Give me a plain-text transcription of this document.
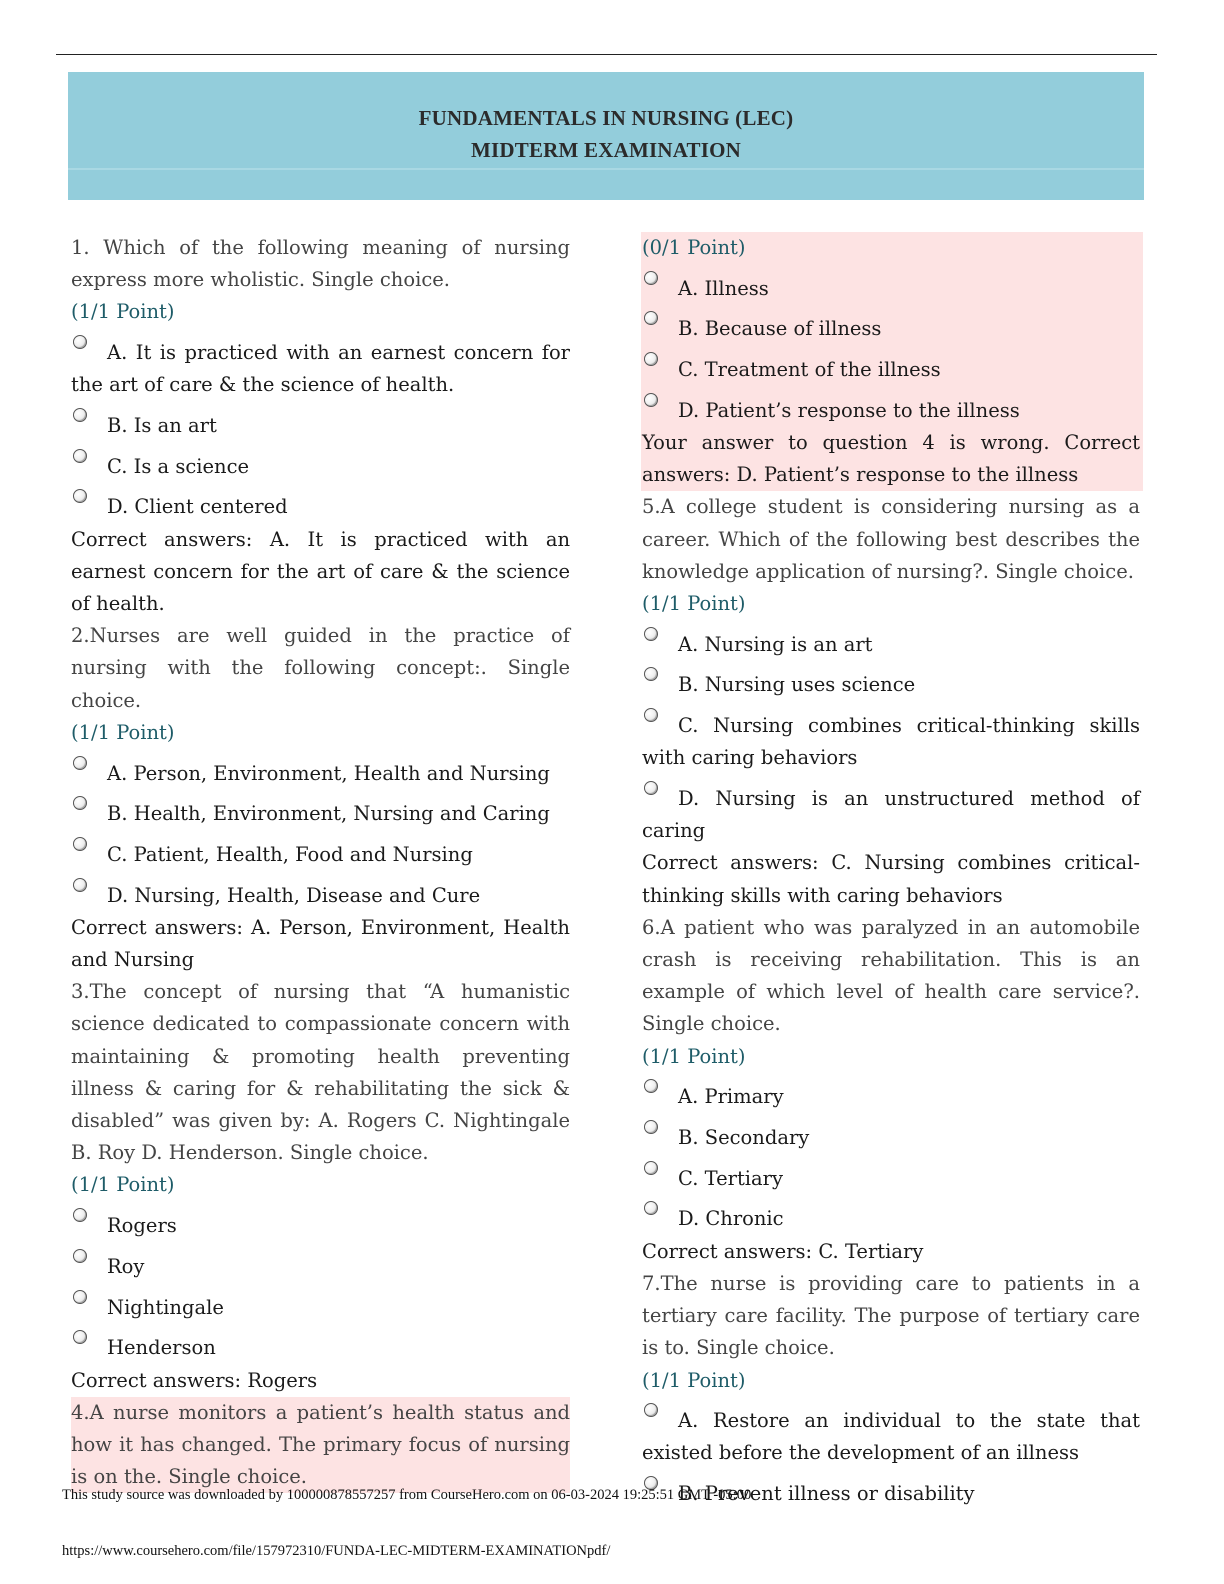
FUNDAMENTALS IN NURSING (LEC)
MIDTERM EXAMINATION
1. Which of the following meaning of nursing express more wholistic. Single choice.
(1/1 Point)
A. It is practiced with an earnest concern for the art of care & the science of health.
B. Is an art
C. Is a science
D. Client centered
Correct answers: A. It is practiced with an earnest concern for the art of care & the science of health.
2.Nurses are well guided in the practice of nursing with the following concept:. Single choice.
(1/1 Point)
A. Person, Environment, Health and Nursing
B. Health, Environment, Nursing and Caring
C. Patient, Health, Food and Nursing
D. Nursing, Health, Disease and Cure
Correct answers: A. Person, Environment, Health and Nursing
3.The concept of nursing that “A humanistic science dedicated to compassionate concern with maintaining & promoting health preventing illness & caring for & rehabilitating the sick & disabled” was given by: A. Rogers C. Nightingale B. Roy D. Henderson. Single choice.
(1/1 Point)
Rogers
Roy
Nightingale
Henderson
Correct answers: Rogers
4.A nurse monitors a patient’s health status and how it has changed. The primary focus of nursing is on the. Single choice.
(0/1 Point)
A. Illness
B. Because of illness
C. Treatment of the illness
D. Patient’s response to the illness
Your answer to question 4 is wrong. Correct answers: D. Patient’s response to the illness
5.A college student is considering nursing as a career. Which of the following best describes the knowledge application of nursing?. Single choice.
(1/1 Point)
A. Nursing is an art
B. Nursing uses science
C. Nursing combines critical-thinking skills with caring behaviors
D. Nursing is an unstructured method of caring
Correct answers: C. Nursing combines critical-thinking skills with caring behaviors
6.A patient who was paralyzed in an automobile crash is receiving rehabilitation. This is an example of which level of health care service?. Single choice.
(1/1 Point)
A. Primary
B. Secondary
C. Tertiary
D. Chronic
Correct answers: C. Tertiary
7.The nurse is providing care to patients in a tertiary care facility. The purpose of tertiary care is to. Single choice.
(1/1 Point)
A. Restore an individual to the state that existed before the development of an illness
B. Prevent illness or disability
This study source was downloaded by 100000878557257 from CourseHero.com on 06-03-2024 19:25:51 GMT -05:00
https://www.coursehero.com/file/157972310/FUNDA-LEC-MIDTERM-EXAMINATIONpdf/
